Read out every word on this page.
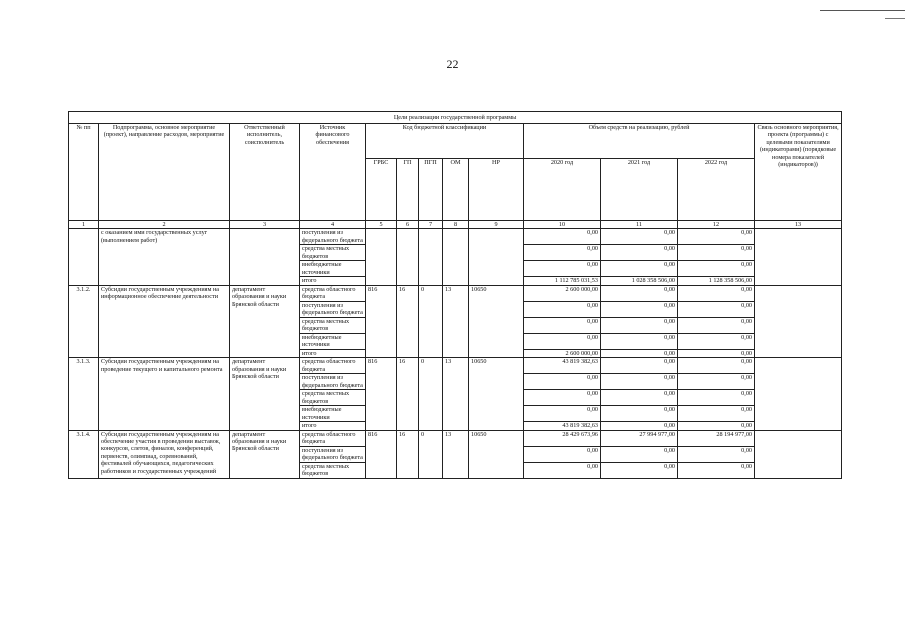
22
Цели реализации государственной программы												
№ пп	Подпрограмма, основное мероприятие (проект), направление расходов, мероприятие	Ответственный исполнитель, соисполнитель	Источник финансового обеспечения	Код бюджетной классификации					Объем средств на реализацию, рублей			Связь основного мероприятия, проекта (программы) с целевыми показателями (индикаторами) (порядковые номера показателей (индикаторов))
				ГРБС	ГП	ПГП	ОМ	НР	2020 год	2021 год	2022 год	
1	2	3	4	5	6	7	8	9	10	11	12	13
	с оказанием ими государственных услуг (выполнением работ)		поступления из федерального бюджета						0,00	0,00	0,00	
			средства местных бюджетов						0,00	0,00	0,00	
			внебюджетные источники						0,00	0,00	0,00	
			итого						1 112 785 031,53	1 028 358 506,00	1 128 358 506,00	
3.1.2.	Субсидии государственным учреждениям на информационное обеспечение деятельности	департамент образования и науки Брянской области	средства областного бюджета	816	16	0	13	10650	2 600 000,00	0,00	0,00	
			поступления из федерального бюджета						0,00	0,00	0,00	
			средства местных бюджетов						0,00	0,00	0,00	
			внебюджетные источники						0,00	0,00	0,00	
			итого						2 600 000,00	0,00	0,00	
3.1.3.	Субсидии государственным учреждениям на проведение текущего и капитального ремонта	департамент образования и науки Брянской области	средства областного бюджета	816	16	0	13	10650	43 819 382,63	0,00	0,00	
			поступления из федерального бюджета						0,00	0,00	0,00	
			средства местных бюджетов						0,00	0,00	0,00	
			внебюджетные источники						0,00	0,00	0,00	
			итого						43 819 382,63	0,00	0,00	
3.1.4.	Субсидии государственным учреждениям на обеспечение участия в проведении выставок, конкурсов, слетов, финалов, конференций, первенств, олимпиад, соревнований, фестивалей обучающихся, педагогических работников и государственных учреждений	департамент образования и науки Брянской области	средства областного бюджета	816	16	0	13	10650	28 429 673,96	27 994 977,00	28 194 977,00	
			поступления из федерального бюджета						0,00	0,00	0,00	
			средства местных бюджетов						0,00	0,00	0,00	
